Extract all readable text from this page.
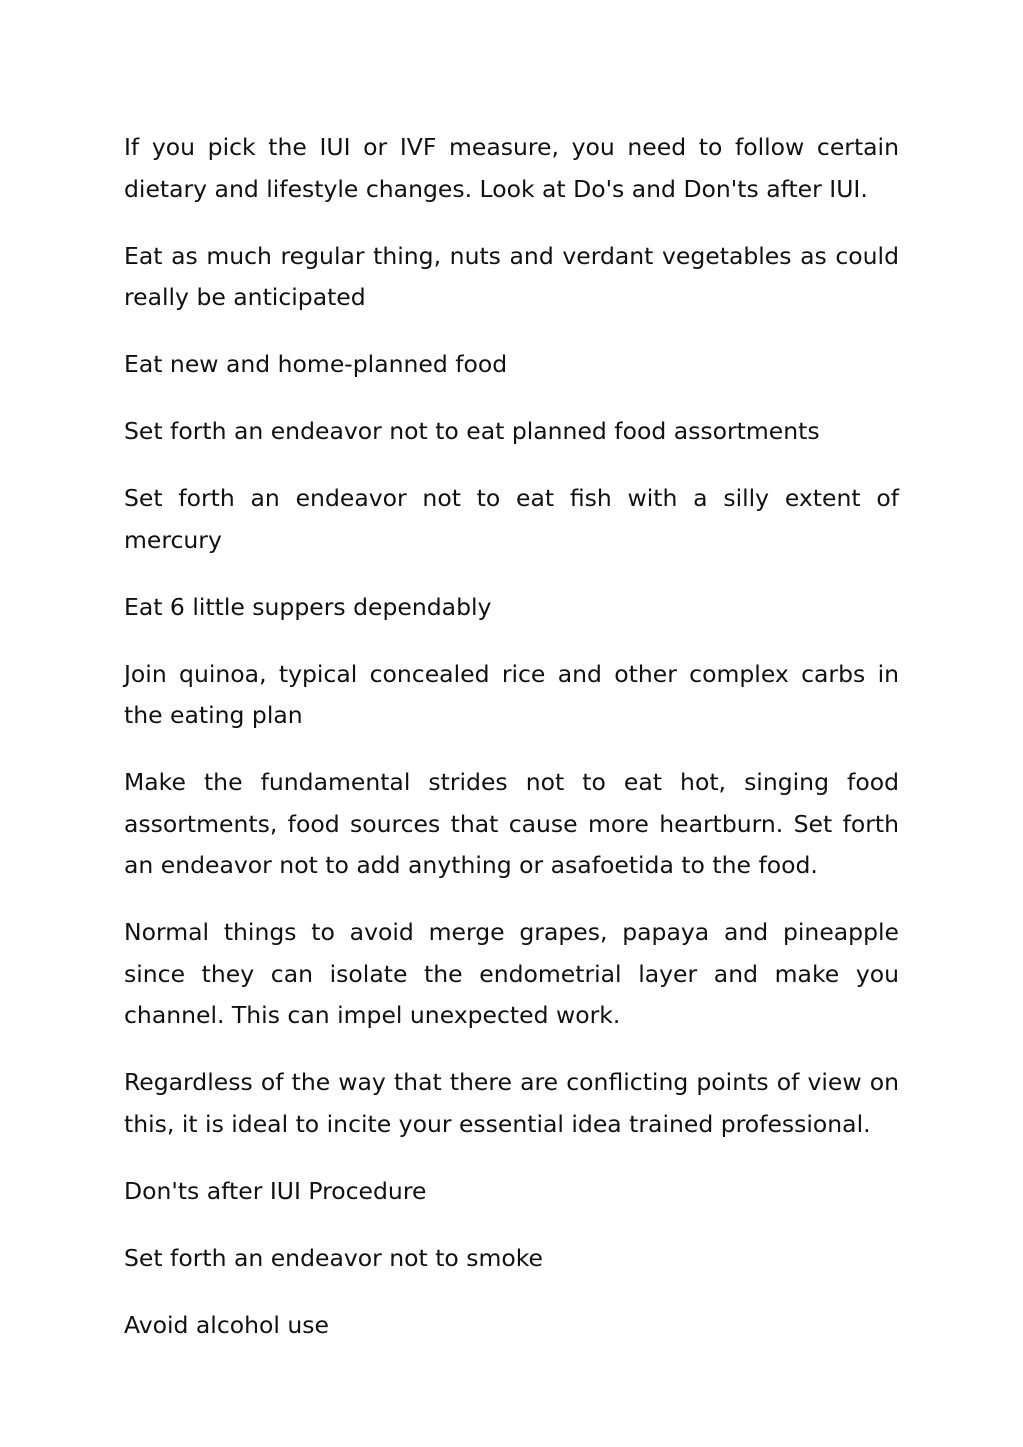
If you pick the IUI or IVF measure, you need to follow certain dietary and lifestyle changes. Look at Do's and Don'ts after IUI.

Eat as much regular thing, nuts and verdant vegetables as could really be anticipated

Eat new and home-planned food

Set forth an endeavor not to eat planned food assortments

Set forth an endeavor not to eat fish with a silly extent of mercury

Eat 6 little suppers dependably

Join quinoa, typical concealed rice and other complex carbs in the eating plan

Make the fundamental strides not to eat hot, singing food assortments, food sources that cause more heartburn. Set forth an endeavor not to add anything or asafoetida to the food.

Normal things to avoid merge grapes, papaya and pineapple since they can isolate the endometrial layer and make you channel. This can impel unexpected work.

Regardless of the way that there are conflicting points of view on this, it is ideal to incite your essential idea trained professional.

Don'ts after IUI Procedure

Set forth an endeavor not to smoke

Avoid alcohol use
